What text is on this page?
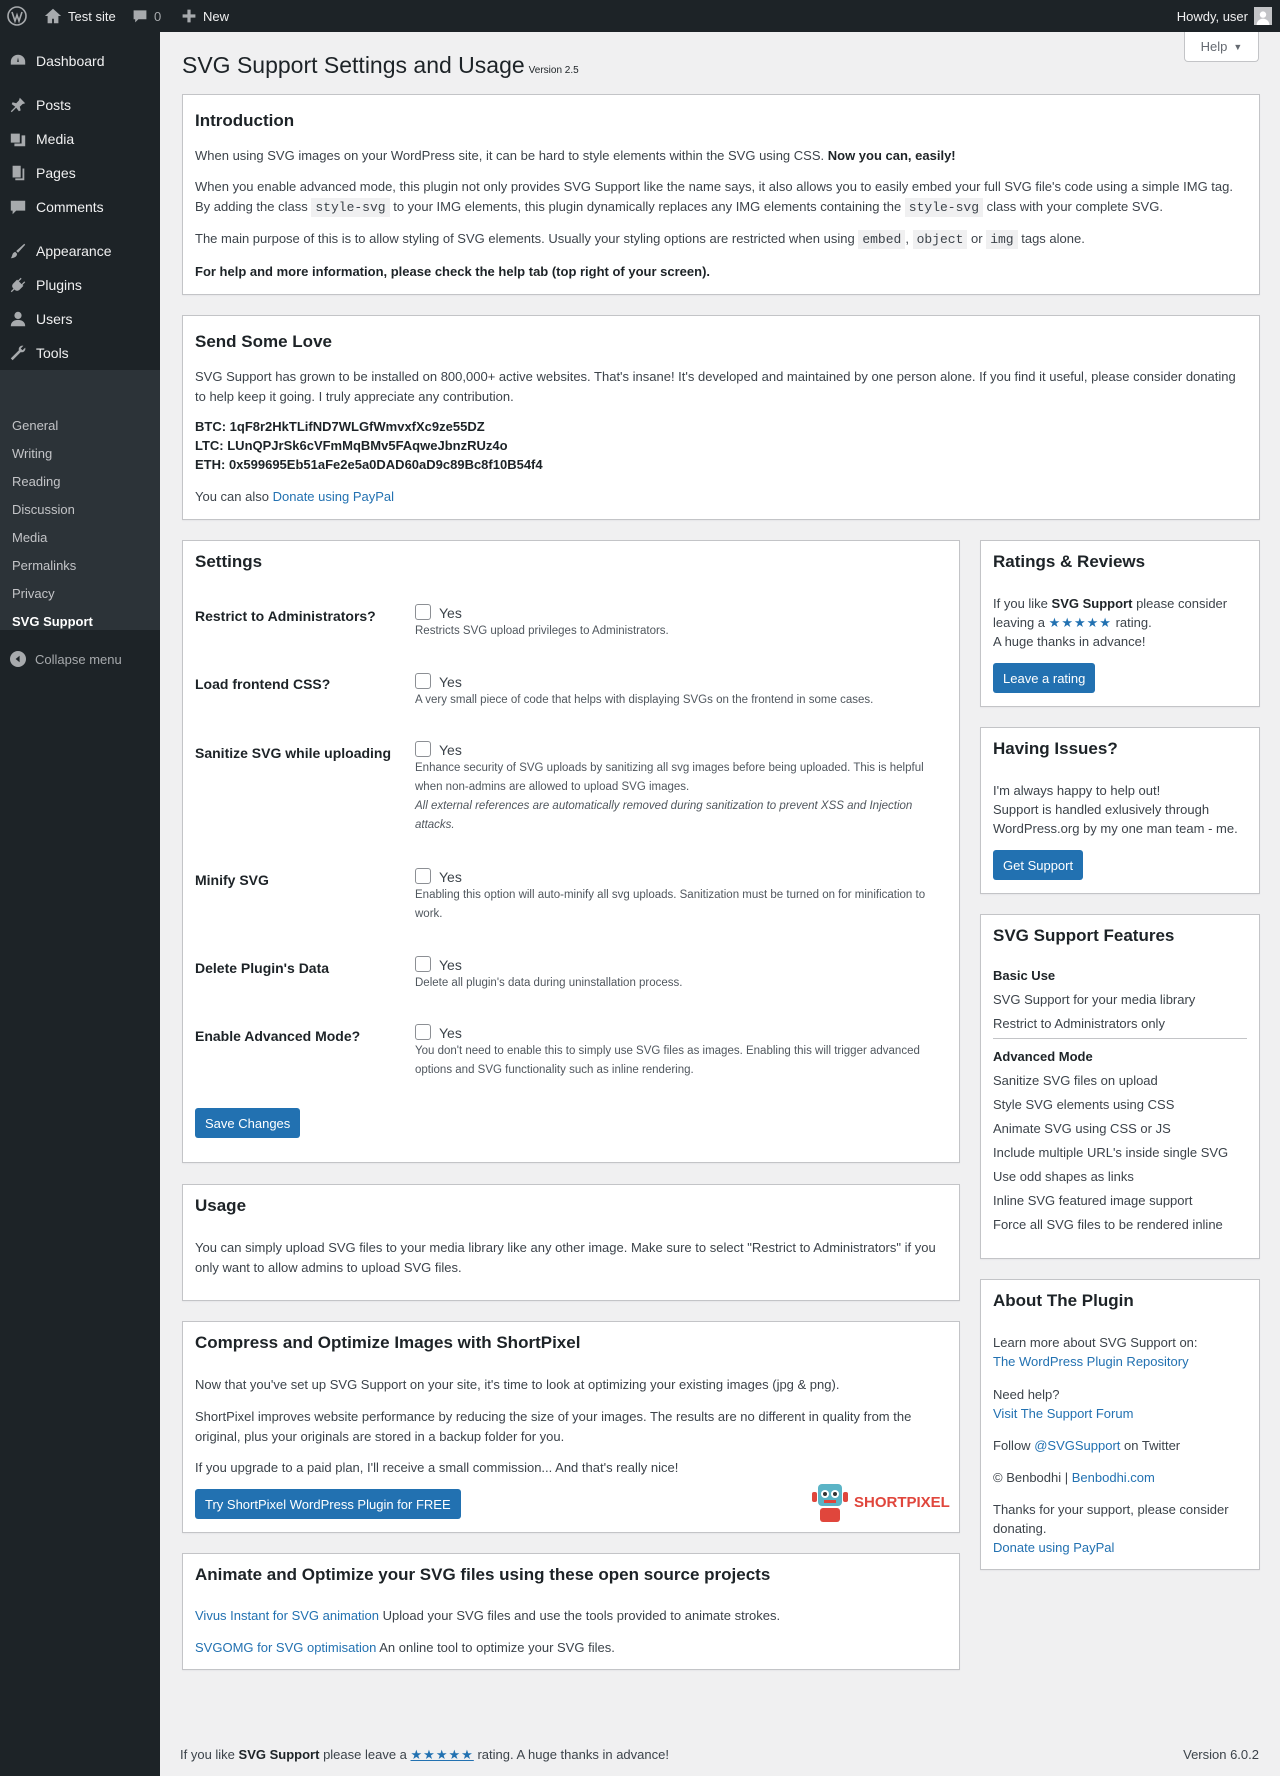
Test site	0	New	Howdy, user
Dashboard
Posts
Media
Pages
Comments
Appearance
Plugins
Users
Tools
General
Writing
Reading
Discussion
Media
Permalinks
Privacy
SVG Support
Collapse menu
Help ▼
SVG Support Settings and Usage Version 2.5
Introduction

When using SVG images on your WordPress site, it can be hard to style elements within the SVG using CSS. Now you can, easily!

When you enable advanced mode, this plugin not only provides SVG Support like the name says, it also allows you to easily embed your full SVG file's code using a simple IMG tag. By adding the class style-svg to your IMG elements, this plugin dynamically replaces any IMG elements containing the style-svg class with your complete SVG.

The main purpose of this is to allow styling of SVG elements. Usually your styling options are restricted when using embed , object or img tags alone.

For help and more information, please check the help tab (top right of your screen).

Send Some Love

SVG Support has grown to be installed on 800,000+ active websites. That's insane! It's developed and maintained by one person alone. If you find it useful, please consider donating to help keep it going. I truly appreciate any contribution.

BTC: 1qF8r2HkTLifND7WLGfWmvxfXc9ze55DZ
LTC: LUnQPJrSk6cVFmMqBMv5FAqweJbnzRUz4o
ETH: 0x599695Eb51aFe2e5a0DAD60aD9c89Bc8f10B54f4

You can also Donate using PayPal

Settings
Restrict to Administrators?	Yes
Restricts SVG upload privileges to Administrators.
Load frontend CSS?	Yes
A very small piece of code that helps with displaying SVGs on the frontend in some cases.
Sanitize SVG while uploading	Yes
Enhance security of SVG uploads by sanitizing all svg images before being uploaded. This is helpful when non-admins are allowed to upload SVG images.
All external references are automatically removed during sanitization to prevent XSS and Injection attacks.
Minify SVG	Yes
Enabling this option will auto-minify all svg uploads. Sanitization must be turned on for minification to work.
Delete Plugin's Data	Yes
Delete all plugin's data during uninstallation process.
Enable Advanced Mode?	Yes
You don't need to enable this to simply use SVG files as images. Enabling this will trigger advanced options and SVG functionality such as inline rendering.
Save Changes
Usage

You can simply upload SVG files to your media library like any other image. Make sure to select "Restrict to Administrators" if you only want to allow admins to upload SVG files.

Compress and Optimize Images with ShortPixel

Now that you've set up SVG Support on your site, it's time to look at optimizing your existing images (jpg & png).

ShortPixel improves website performance by reducing the size of your images. The results are no different in quality from the original, plus your originals are stored in a backup folder for you.

If you upgrade to a paid plan, I'll receive a small commission... And that's really nice!

Try ShortPixel WordPress Plugin for FREE	SHORTPIXEL
Animate and Optimize your SVG files using these open source projects

Vivus Instant for SVG animation Upload your SVG files and use the tools provided to animate strokes.

SVGOMG for SVG optimisation An online tool to optimize your SVG files.

Ratings & Reviews

If you like SVG Support please consider
leaving a ★★★★★ rating.
A huge thanks in advance!

Leave a rating
Having Issues?

I'm always happy to help out!
Support is handled exlusively through
WordPress.org by my one man team - me.

Get Support
SVG Support Features
Basic Use
SVG Support for your media library
Restrict to Administrators only
Advanced Mode
Sanitize SVG files on upload
Style SVG elements using CSS
Animate SVG using CSS or JS
Include multiple URL's inside single SVG
Use odd shapes as links
Inline SVG featured image support
Force all SVG files to be rendered inline
About The Plugin

Learn more about SVG Support on:
The WordPress Plugin Repository

Need help?
Visit The Support Forum

Follow @SVGSupport on Twitter

© Benbodhi | Benbodhi.com

Thanks for your support, please consider donating.
Donate using PayPal

If you like SVG Support please leave a ★★★★★ rating. A huge thanks in advance!	Version 6.0.2
